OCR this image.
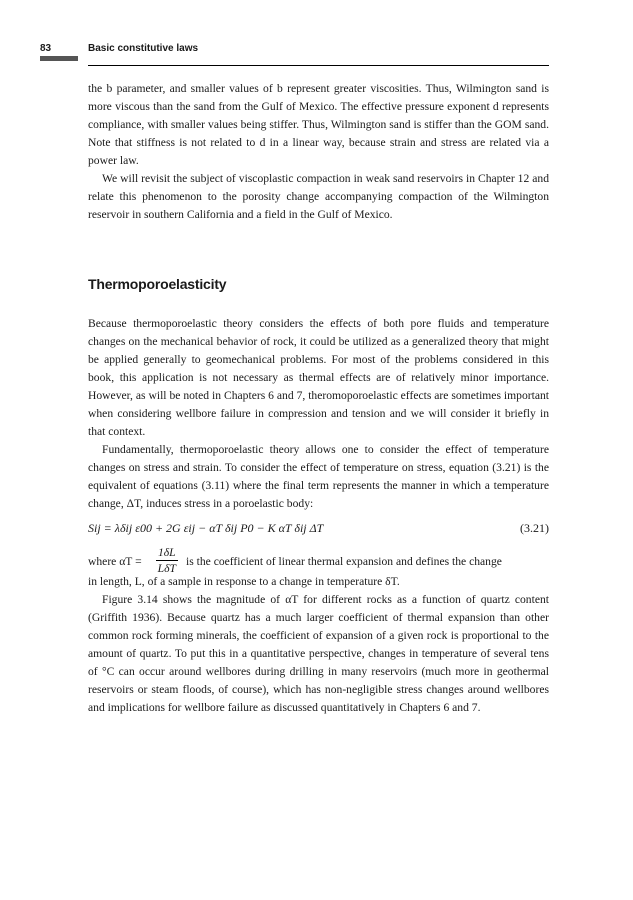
83	Basic constitutive laws

the b parameter, and smaller values of b represent greater viscosities. Thus, Wilmington sand is more viscous than the sand from the Gulf of Mexico. The effective pressure exponent d represents compliance, with smaller values being stiffer. Thus, Wilmington sand is stiffer than the GOM sand. Note that stiffness is not related to d in a linear way, because strain and stress are related via a power law.

We will revisit the subject of viscoplastic compaction in weak sand reservoirs in Chapter 12 and relate this phenomenon to the porosity change accompanying compaction of the Wilmington reservoir in southern California and a field in the Gulf of Mexico.

Thermoporoelasticity

Because thermoporoelastic theory considers the effects of both pore fluids and temperature changes on the mechanical behavior of rock, it could be utilized as a generalized theory that might be applied generally to geomechanical problems. For most of the problems considered in this book, this application is not necessary as thermal effects are of relatively minor importance. However, as will be noted in Chapters 6 and 7, theromoporoelastic effects are sometimes important when considering wellbore failure in compression and tension and we will consider it briefly in that context.

Fundamentally, thermoporoelastic theory allows one to consider the effect of temperature changes on stress and strain. To consider the effect of temperature on stress, equation (3.21) is the equivalent of equations (3.11) where the final term represents the manner in which a temperature change, ΔT, induces stress in a poroelastic body:

Sij = λδij ε00 + 2G εij − αT δij P0 − K αT δij ΔT	(3.21)
where αT =
1δL
LδT
is the coefficient of linear thermal expansion and defines the change

in length, L, of a sample in response to a change in temperature δT.

Figure 3.14 shows the magnitude of αT for different rocks as a function of quartz content (Griffith 1936). Because quartz has a much larger coefficient of thermal expansion than other common rock forming minerals, the coefficient of expansion of a given rock is proportional to the amount of quartz. To put this in a quantitative perspective, changes in temperature of several tens of °C can occur around wellbores during drilling in many reservoirs (much more in geothermal reservoirs or steam floods, of course), which has non-negligible stress changes around wellbores and implications for wellbore failure as discussed quantitatively in Chapters 6 and 7.
